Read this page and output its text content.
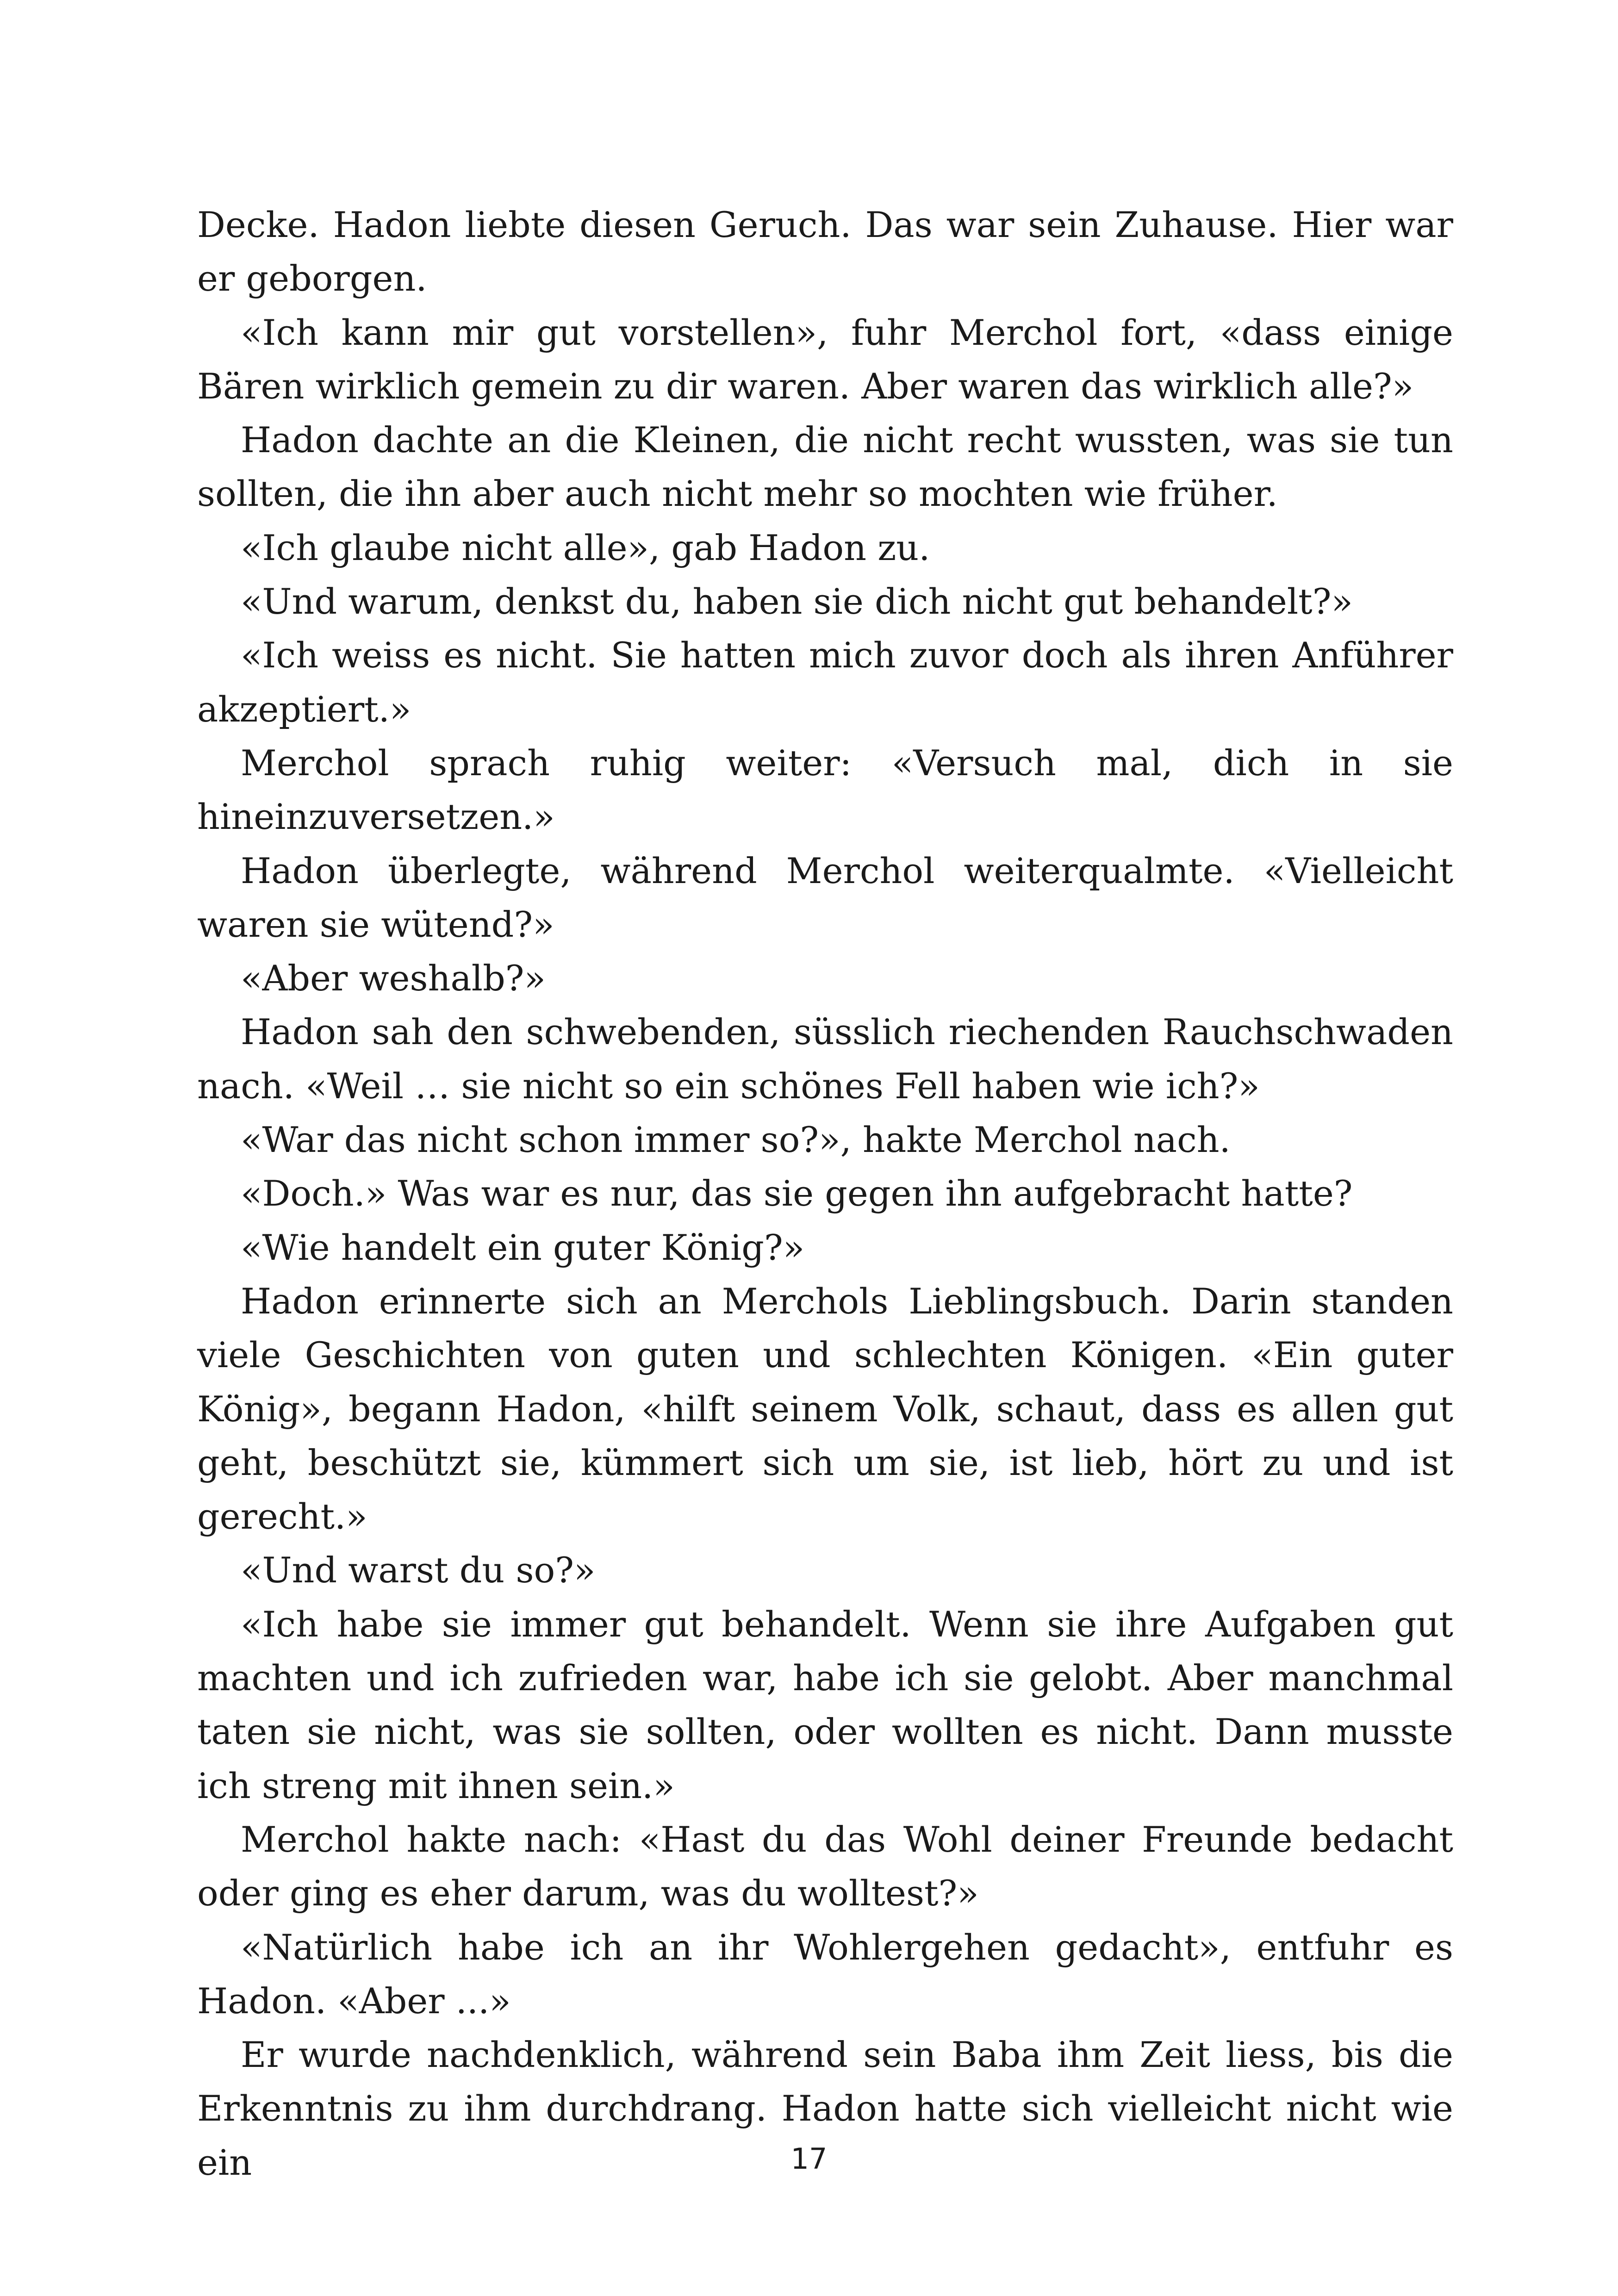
Decke. Hadon liebte diesen Geruch. Das war sein Zuhause. Hier war er geborgen.

«Ich kann mir gut vorstellen», fuhr Merchol fort, «dass einige Bären wirklich gemein zu dir waren. Aber waren das wirklich alle?»

Hadon dachte an die Kleinen, die nicht recht wussten, was sie tun sollten, die ihn aber auch nicht mehr so mochten wie früher.

«Ich glaube nicht alle», gab Hadon zu.

«Und warum, denkst du, haben sie dich nicht gut behandelt?»

«Ich weiss es nicht. Sie hatten mich zuvor doch als ihren Anführer akzeptiert.»

Merchol sprach ruhig weiter: «Versuch mal, dich in sie hineinzuversetzen.»

Hadon überlegte, während Merchol weiterqualmte. «Vielleicht waren sie wütend?»

«Aber weshalb?»

Hadon sah den schwebenden, süsslich riechenden Rauchschwaden nach. «Weil … sie nicht so ein schönes Fell haben wie ich?»

«War das nicht schon immer so?», hakte Merchol nach.

«Doch.» Was war es nur, das sie gegen ihn aufgebracht hatte?

«Wie handelt ein guter König?»

Hadon erinnerte sich an Merchols Lieblingsbuch. Darin standen viele Geschichten von guten und schlechten Königen. «Ein guter König», begann Hadon, «hilft seinem Volk, schaut, dass es allen gut geht, beschützt sie, kümmert sich um sie, ist lieb, hört zu und ist gerecht.»

«Und warst du so?»

«Ich habe sie immer gut behandelt. Wenn sie ihre Aufgaben gut machten und ich zufrieden war, habe ich sie gelobt. Aber manchmal taten sie nicht, was sie sollten, oder wollten es nicht. Dann musste ich streng mit ihnen sein.»

Merchol hakte nach: «Hast du das Wohl deiner Freunde bedacht oder ging es eher darum, was du wolltest?»

«Natürlich habe ich an ihr Wohlergehen gedacht», entfuhr es Hadon. «Aber ...»

Er wurde nachdenklich, während sein Baba ihm Zeit liess, bis die Erkenntnis zu ihm durchdrang. Hadon hatte sich vielleicht nicht wie ein	17
